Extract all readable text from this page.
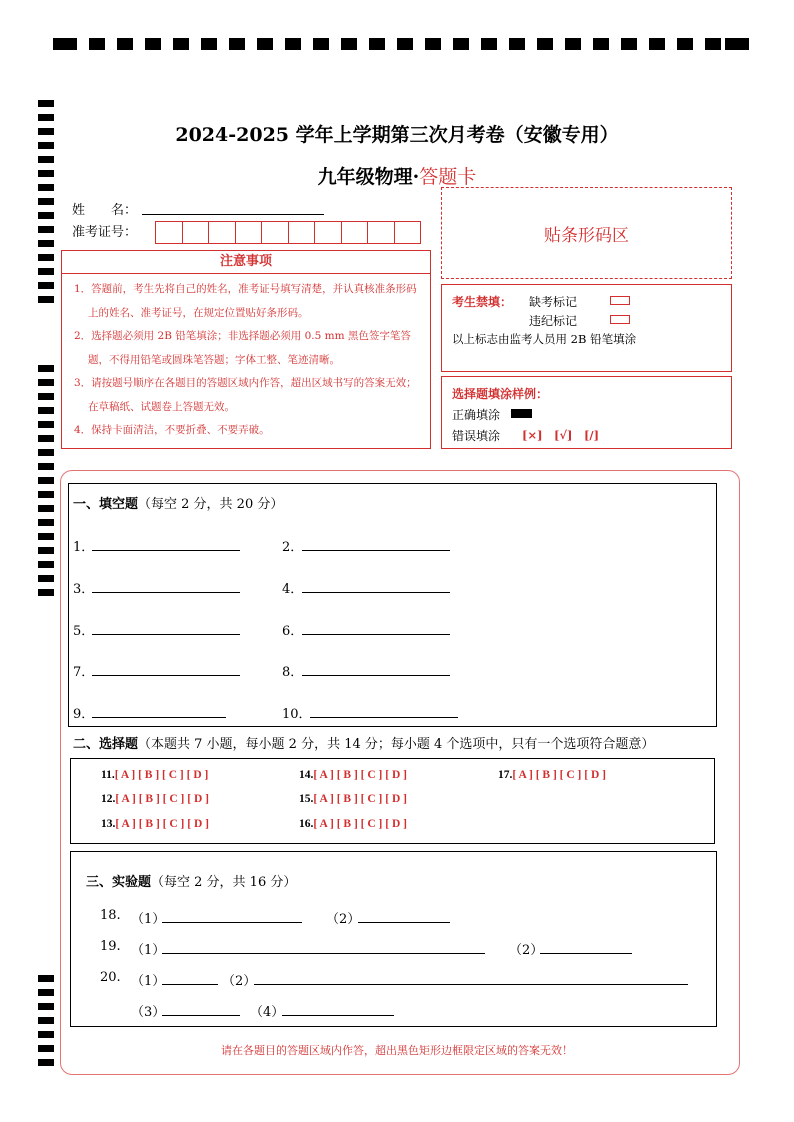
2024-2025 学年上学期第三次月考卷（安徽专用）
九年级物理·答题卡
姓　　名：
准考证号：	贴条形码区
注意事项
1．答题前，考生先将自己的姓名，准考证号填写清楚，并认真核准条形码上的姓名、准考证号，在规定位置贴好条形码。
2．选择题必须用 2B 铅笔填涂；非选择题必须用 0.5 mm 黑色签字笔答题，不得用铅笔或圆珠笔答题；字体工整、笔迹清晰。
3．请按题号顺序在各题目的答题区域内作答，超出区域书写的答案无效；在草稿纸、试题卷上答题无效。
4．保持卡面清洁，不要折叠、不要弄破。
考生禁填： 缺考标记
违纪标记
以上标志由监考人员用 2B 铅笔填涂
选择题填涂样例：
正确填涂
错误填涂 [×]　[√]　[/]
一、填空题（每空 2 分，共 20 分）
1．	2．
3．	4．
5．	6．
7．	8．
9．	10．
二、选择题（本题共 7 小题，每小题 2 分，共 14 分；每小题 4 个选项中，只有一个选项符合题意）
11.[ A ] [ B ] [ C ] [ D ]
12.[ A ] [ B ] [ C ] [ D ]
13.[ A ] [ B ] [ C ] [ D ]
14.[ A ] [ B ] [ C ] [ D ]
15.[ A ] [ B ] [ C ] [ D ]
16.[ A ] [ B ] [ C ] [ D ]
17.[ A ] [ B ] [ C ] [ D ]
三、实验题（每空 2 分，共 16 分）
18. （1）	（2）
19. （1）	（2）
20. （1）	（2）
（3）	（4）
请在各题目的答题区域内作答，超出黑色矩形边框限定区域的答案无效！
